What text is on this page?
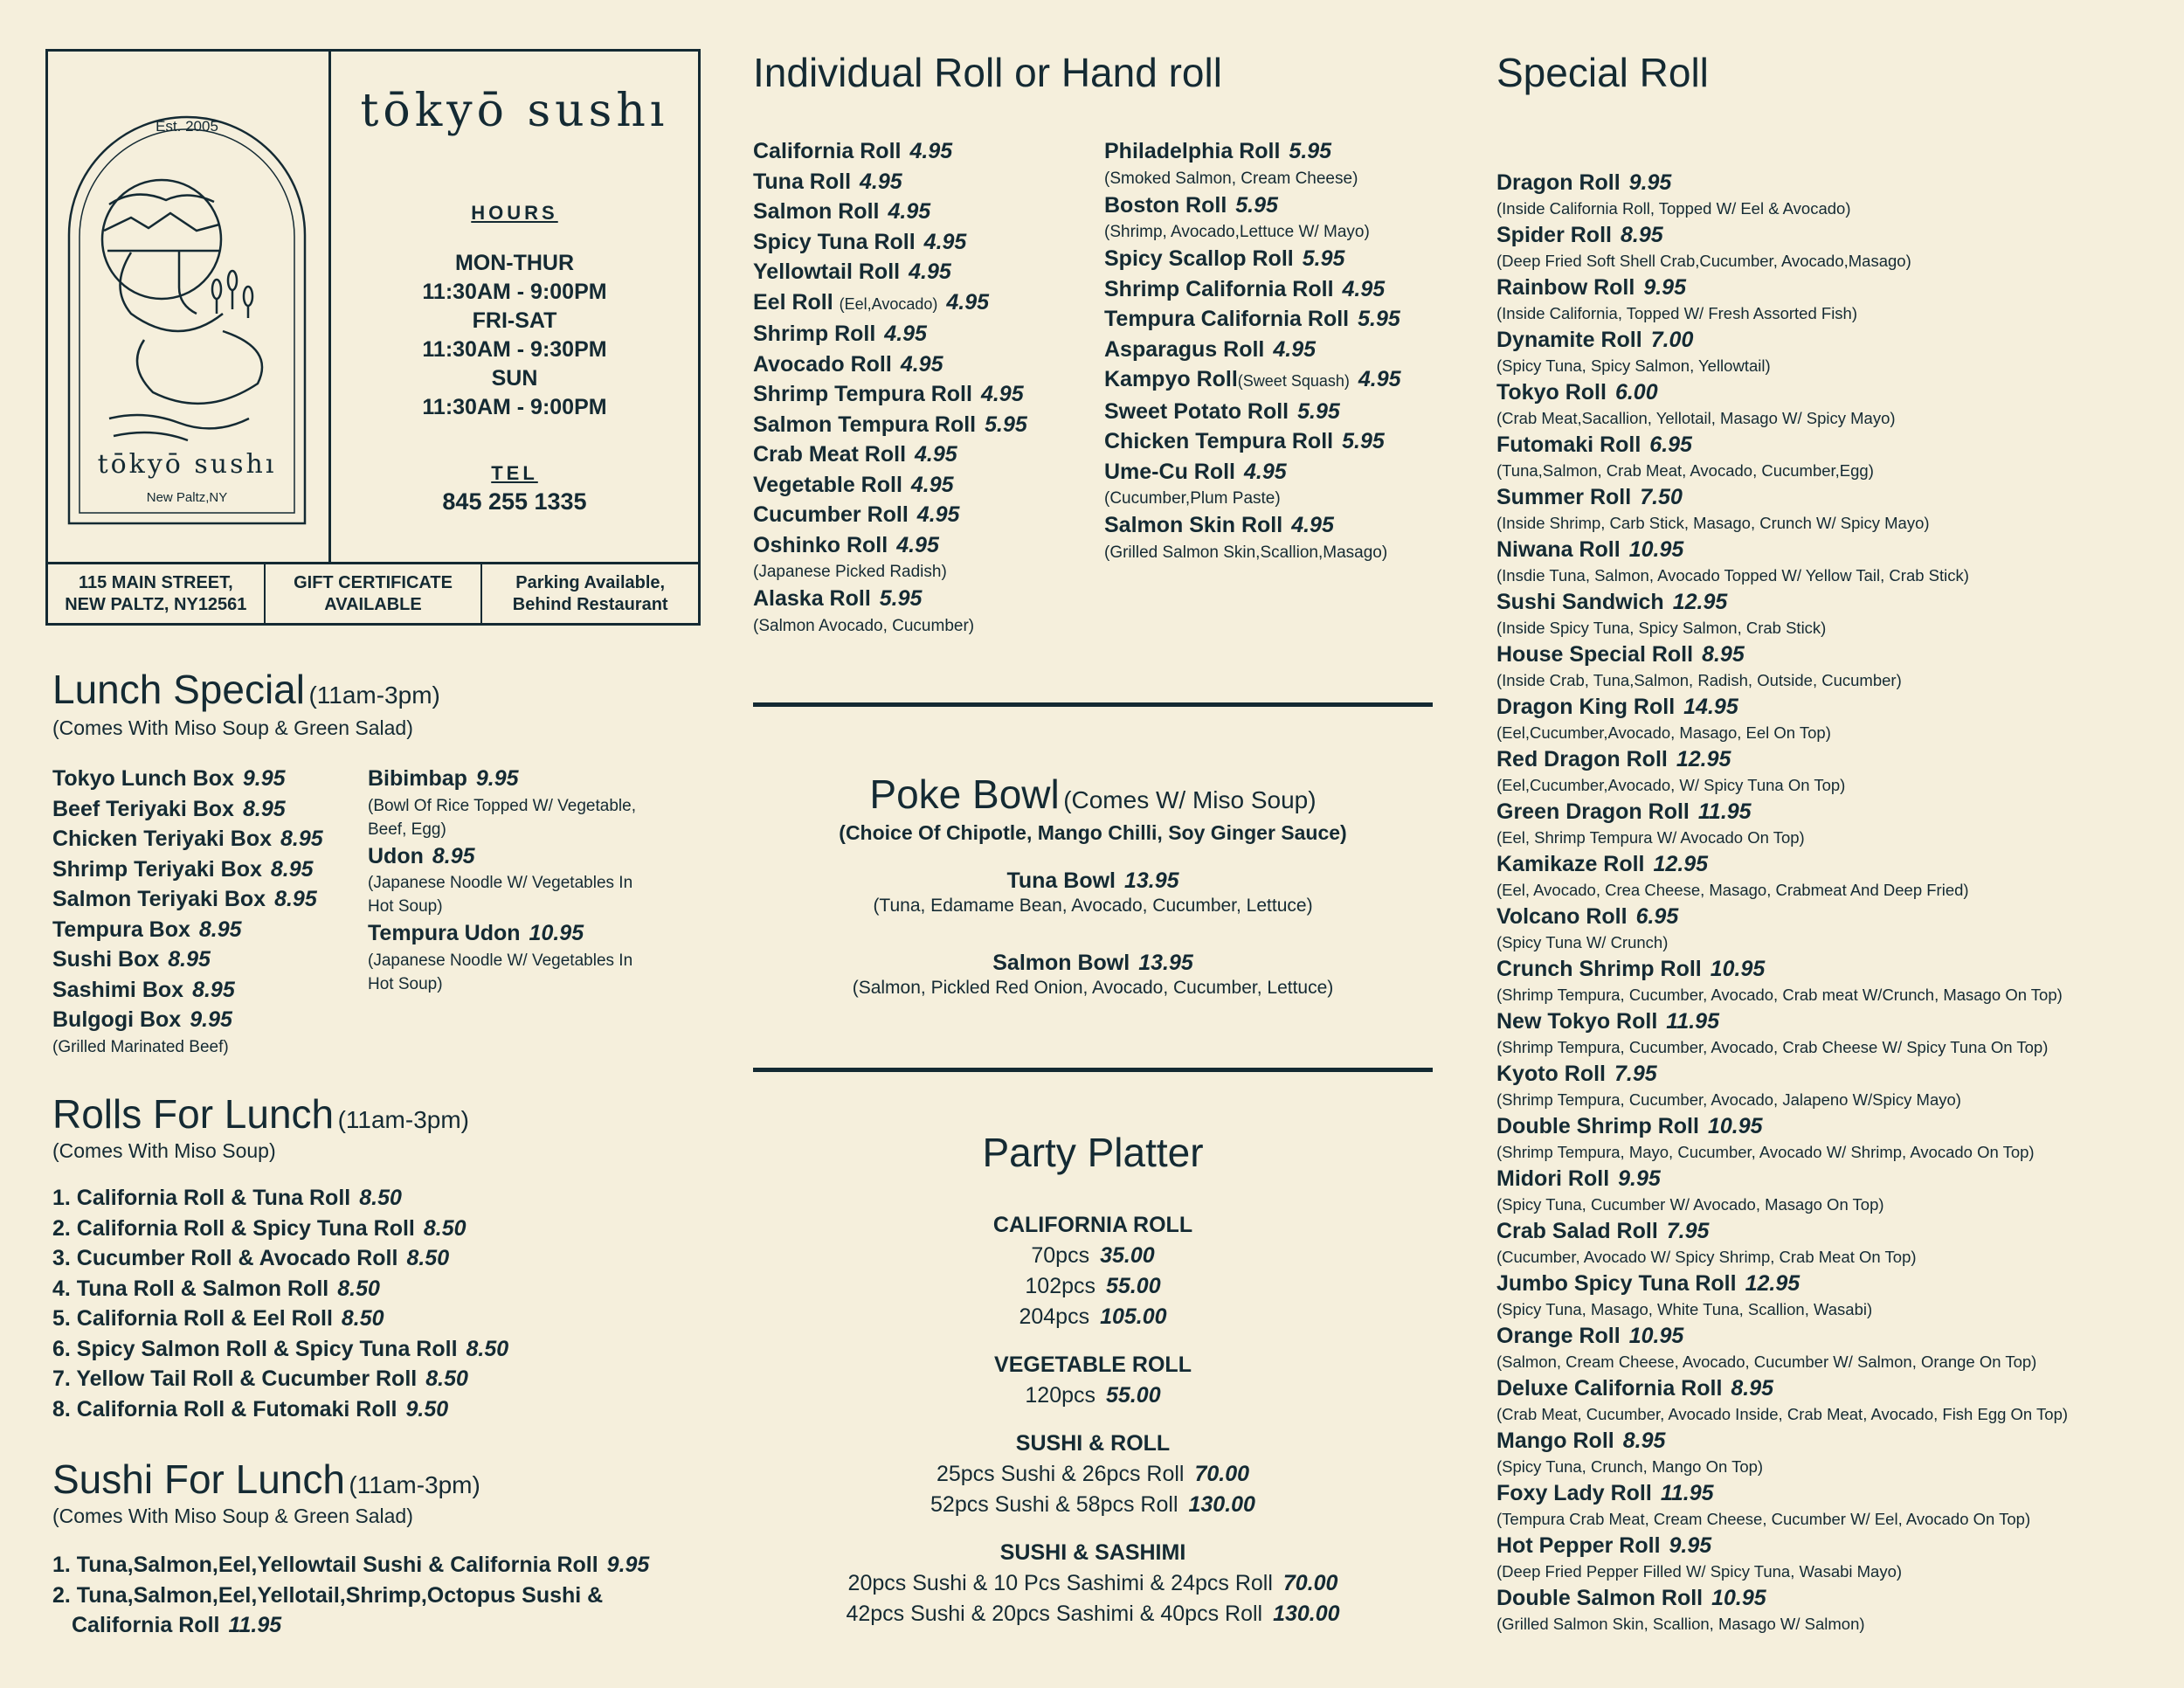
Est. 2005
tōkyō sushı
New Paltz,NY
tōkyō sushı
HOURS
MON-THUR
11:30AM - 9:00PM
FRI-SAT
11:30AM - 9:30PM
SUN
11:30AM - 9:00PM
TEL
845 255 1335
115 MAIN STREET,
NEW PALTZ, NY12561
GIFT CERTIFICATE
AVAILABLE
Parking Available,
Behind Restaurant
Lunch Special (11am-3pm)
(Comes With Miso Soup & Green Salad)
Tokyo Lunch Box 9.95
Beef Teriyaki Box 8.95
Chicken Teriyaki Box 8.95
Shrimp Teriyaki Box 8.95
Salmon Teriyaki Box 8.95
Tempura Box 8.95
Sushi Box 8.95
Sashimi Box 8.95
Bulgogi Box 9.95
(Grilled Marinated Beef)
Bibimbap 9.95
(Bowl Of Rice Topped W/ Vegetable,
Beef, Egg)
Udon 8.95
(Japanese Noodle W/ Vegetables In
Hot Soup)
Tempura Udon 10.95
(Japanese Noodle W/ Vegetables In
Hot Soup)
Rolls For Lunch (11am-3pm)
(Comes With Miso Soup)
1. California Roll & Tuna Roll 8.50
2. California Roll & Spicy Tuna Roll 8.50
3. Cucumber Roll & Avocado Roll 8.50
4. Tuna Roll & Salmon Roll 8.50
5. California Roll & Eel Roll 8.50
6. Spicy Salmon Roll & Spicy Tuna Roll 8.50
7. Yellow Tail Roll & Cucumber Roll 8.50
8. California Roll & Futomaki Roll 9.50
Sushi For Lunch (11am-3pm)
(Comes With Miso Soup & Green Salad)
1. Tuna,Salmon,Eel,Yellowtail Sushi & California Roll 9.95
2. Tuna,Salmon,Eel,Yellotail,Shrimp,Octopus Sushi &
California Roll 11.95
Individual Roll or Hand roll
California Roll 4.95
Tuna Roll 4.95
Salmon Roll 4.95
Spicy Tuna Roll 4.95
Yellowtail Roll 4.95
Eel Roll (Eel,Avocado) 4.95
Shrimp Roll 4.95
Avocado Roll 4.95
Shrimp Tempura Roll 4.95
Salmon Tempura Roll 5.95
Crab Meat Roll 4.95
Vegetable Roll 4.95
Cucumber Roll 4.95
Oshinko Roll 4.95
(Japanese Picked Radish)
Alaska Roll 5.95
(Salmon Avocado, Cucumber)
Philadelphia Roll 5.95
(Smoked Salmon, Cream Cheese)
Boston Roll 5.95
(Shrimp, Avocado,Lettuce W/ Mayo)
Spicy Scallop Roll 5.95
Shrimp California Roll 4.95
Tempura California Roll 5.95
Asparagus Roll 4.95
Kampyo Roll(Sweet Squash) 4.95
Sweet Potato Roll 5.95
Chicken Tempura Roll 5.95
Ume-Cu Roll 4.95
(Cucumber,Plum Paste)
Salmon Skin Roll 4.95
(Grilled Salmon Skin,Scallion,Masago)
Poke Bowl (Comes W/ Miso Soup)
(Choice Of Chipotle, Mango Chilli, Soy Ginger Sauce)
Tuna Bowl 13.95
(Tuna, Edamame Bean, Avocado, Cucumber, Lettuce)
Salmon Bowl 13.95
(Salmon, Pickled Red Onion, Avocado, Cucumber, Lettuce)
Party Platter
CALIFORNIA ROLL
70pcs 35.00
102pcs 55.00
204pcs 105.00
VEGETABLE ROLL
120pcs 55.00
SUSHI & ROLL
25pcs Sushi & 26pcs Roll 70.00
52pcs Sushi & 58pcs Roll 130.00
SUSHI & SASHIMI
20pcs Sushi & 10 Pcs Sashimi & 24pcs Roll 70.00
42pcs Sushi & 20pcs Sashimi & 40pcs Roll 130.00
Special Roll
Dragon Roll 9.95
(Inside California Roll, Topped W/ Eel & Avocado)
Spider Roll 8.95
(Deep Fried Soft Shell Crab,Cucumber, Avocado,Masago)
Rainbow Roll 9.95
(Inside California, Topped W/ Fresh Assorted Fish)
Dynamite Roll 7.00
(Spicy Tuna, Spicy Salmon, Yellowtail)
Tokyo Roll 6.00
(Crab Meat,Sacallion, Yellotail, Masago W/ Spicy Mayo)
Futomaki Roll 6.95
(Tuna,Salmon, Crab Meat, Avocado, Cucumber,Egg)
Summer Roll 7.50
(Inside Shrimp, Carb Stick, Masago, Crunch W/ Spicy Mayo)
Niwana Roll 10.95
(Insdie Tuna, Salmon, Avocado Topped W/ Yellow Tail, Crab Stick)
Sushi Sandwich 12.95
(Inside Spicy Tuna, Spicy Salmon, Crab Stick)
House Special Roll 8.95
(Inside Crab, Tuna,Salmon, Radish, Outside, Cucumber)
Dragon King Roll 14.95
(Eel,Cucumber,Avocado, Masago, Eel On Top)
Red Dragon Roll 12.95
(Eel,Cucumber,Avocado, W/ Spicy Tuna On Top)
Green Dragon Roll 11.95
(Eel, Shrimp Tempura W/ Avocado On Top)
Kamikaze Roll 12.95
(Eel, Avocado, Crea Cheese, Masago, Crabmeat And Deep Fried)
Volcano Roll 6.95
(Spicy Tuna W/ Crunch)
Crunch Shrimp Roll 10.95
(Shrimp Tempura, Cucumber, Avocado, Crab meat W/Crunch, Masago On Top)
New Tokyo Roll 11.95
(Shrimp Tempura, Cucumber, Avocado, Crab Cheese W/ Spicy Tuna On Top)
Kyoto Roll 7.95
(Shrimp Tempura, Cucumber, Avocado, Jalapeno W/Spicy Mayo)
Double Shrimp Roll 10.95
(Shrimp Tempura, Mayo, Cucumber, Avocado W/ Shrimp, Avocado On Top)
Midori Roll 9.95
(Spicy Tuna, Cucumber W/ Avocado, Masago On Top)
Crab Salad Roll 7.95
(Cucumber, Avocado W/ Spicy Shrimp, Crab Meat On Top)
Jumbo Spicy Tuna Roll 12.95
(Spicy Tuna, Masago, White Tuna, Scallion, Wasabi)
Orange Roll 10.95
(Salmon, Cream Cheese, Avocado, Cucumber W/ Salmon, Orange On Top)
Deluxe California Roll 8.95
(Crab Meat, Cucumber, Avocado Inside, Crab Meat, Avocado, Fish Egg On Top)
Mango Roll 8.95
(Spicy Tuna, Crunch, Mango On Top)
Foxy Lady Roll 11.95
(Tempura Crab Meat, Cream Cheese, Cucumber W/ Eel, Avocado On Top)
Hot Pepper Roll 9.95
(Deep Fried Pepper Filled W/ Spicy Tuna, Wasabi Mayo)
Double Salmon Roll 10.95
(Grilled Salmon Skin, Scallion, Masago W/ Salmon)
